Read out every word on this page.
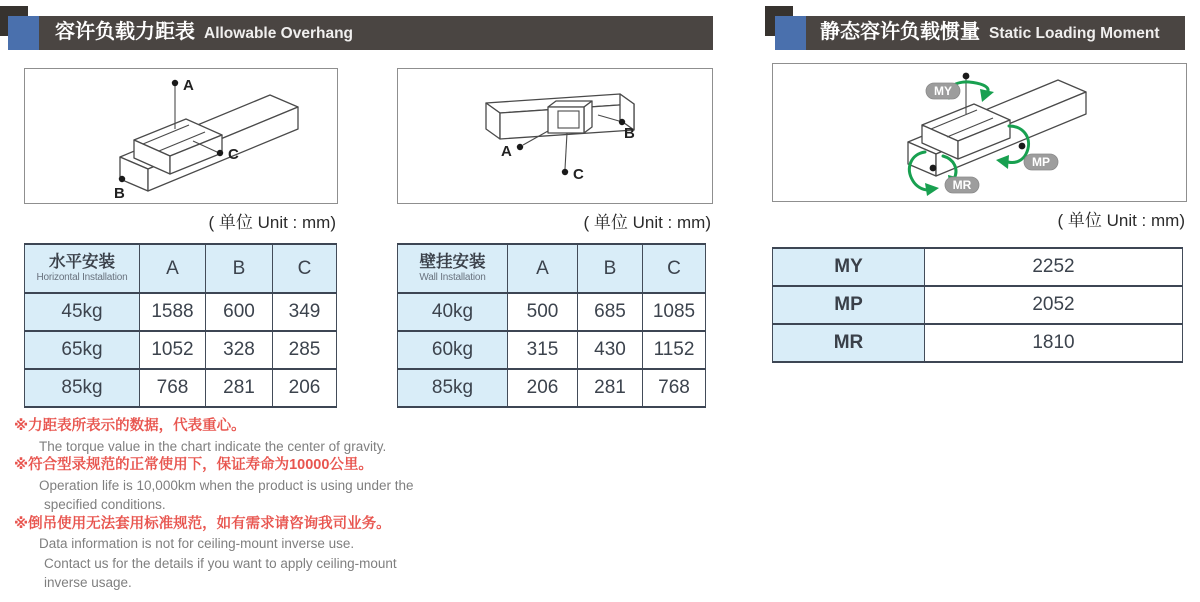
容许负载力距表 Allowable Overhang	静态容许负载惯量 Static Loading Moment
A
B
C
( 单位 Unit : mm)
A
B
C
( 单位 Unit : mm)
MY
MP
MR
( 单位 Unit : mm)
水平安装
Horizontal Installation	A	B	C
45kg	1588	600	349
65kg	1052	328	285
85kg	768	281	206
壁挂安装
Wall Installation	A	B	C
40kg	500	685	1085
60kg	315	430	1152
85kg	206	281	768
MY	2252
MP	2052
MR	1810
※力距表所表示的数据，代表重心。
The torque value in the chart indicate the center of gravity.
※符合型录规范的正常使用下，保证寿命为10000公里。
Operation life is 10,000km when the product is using under the
specified conditions.
※倒吊使用无法套用标准规范，如有需求请咨询我司业务。
Data information is not for ceiling-mount inverse use.
Contact us for the details if you want to apply ceiling-mount
inverse usage.
